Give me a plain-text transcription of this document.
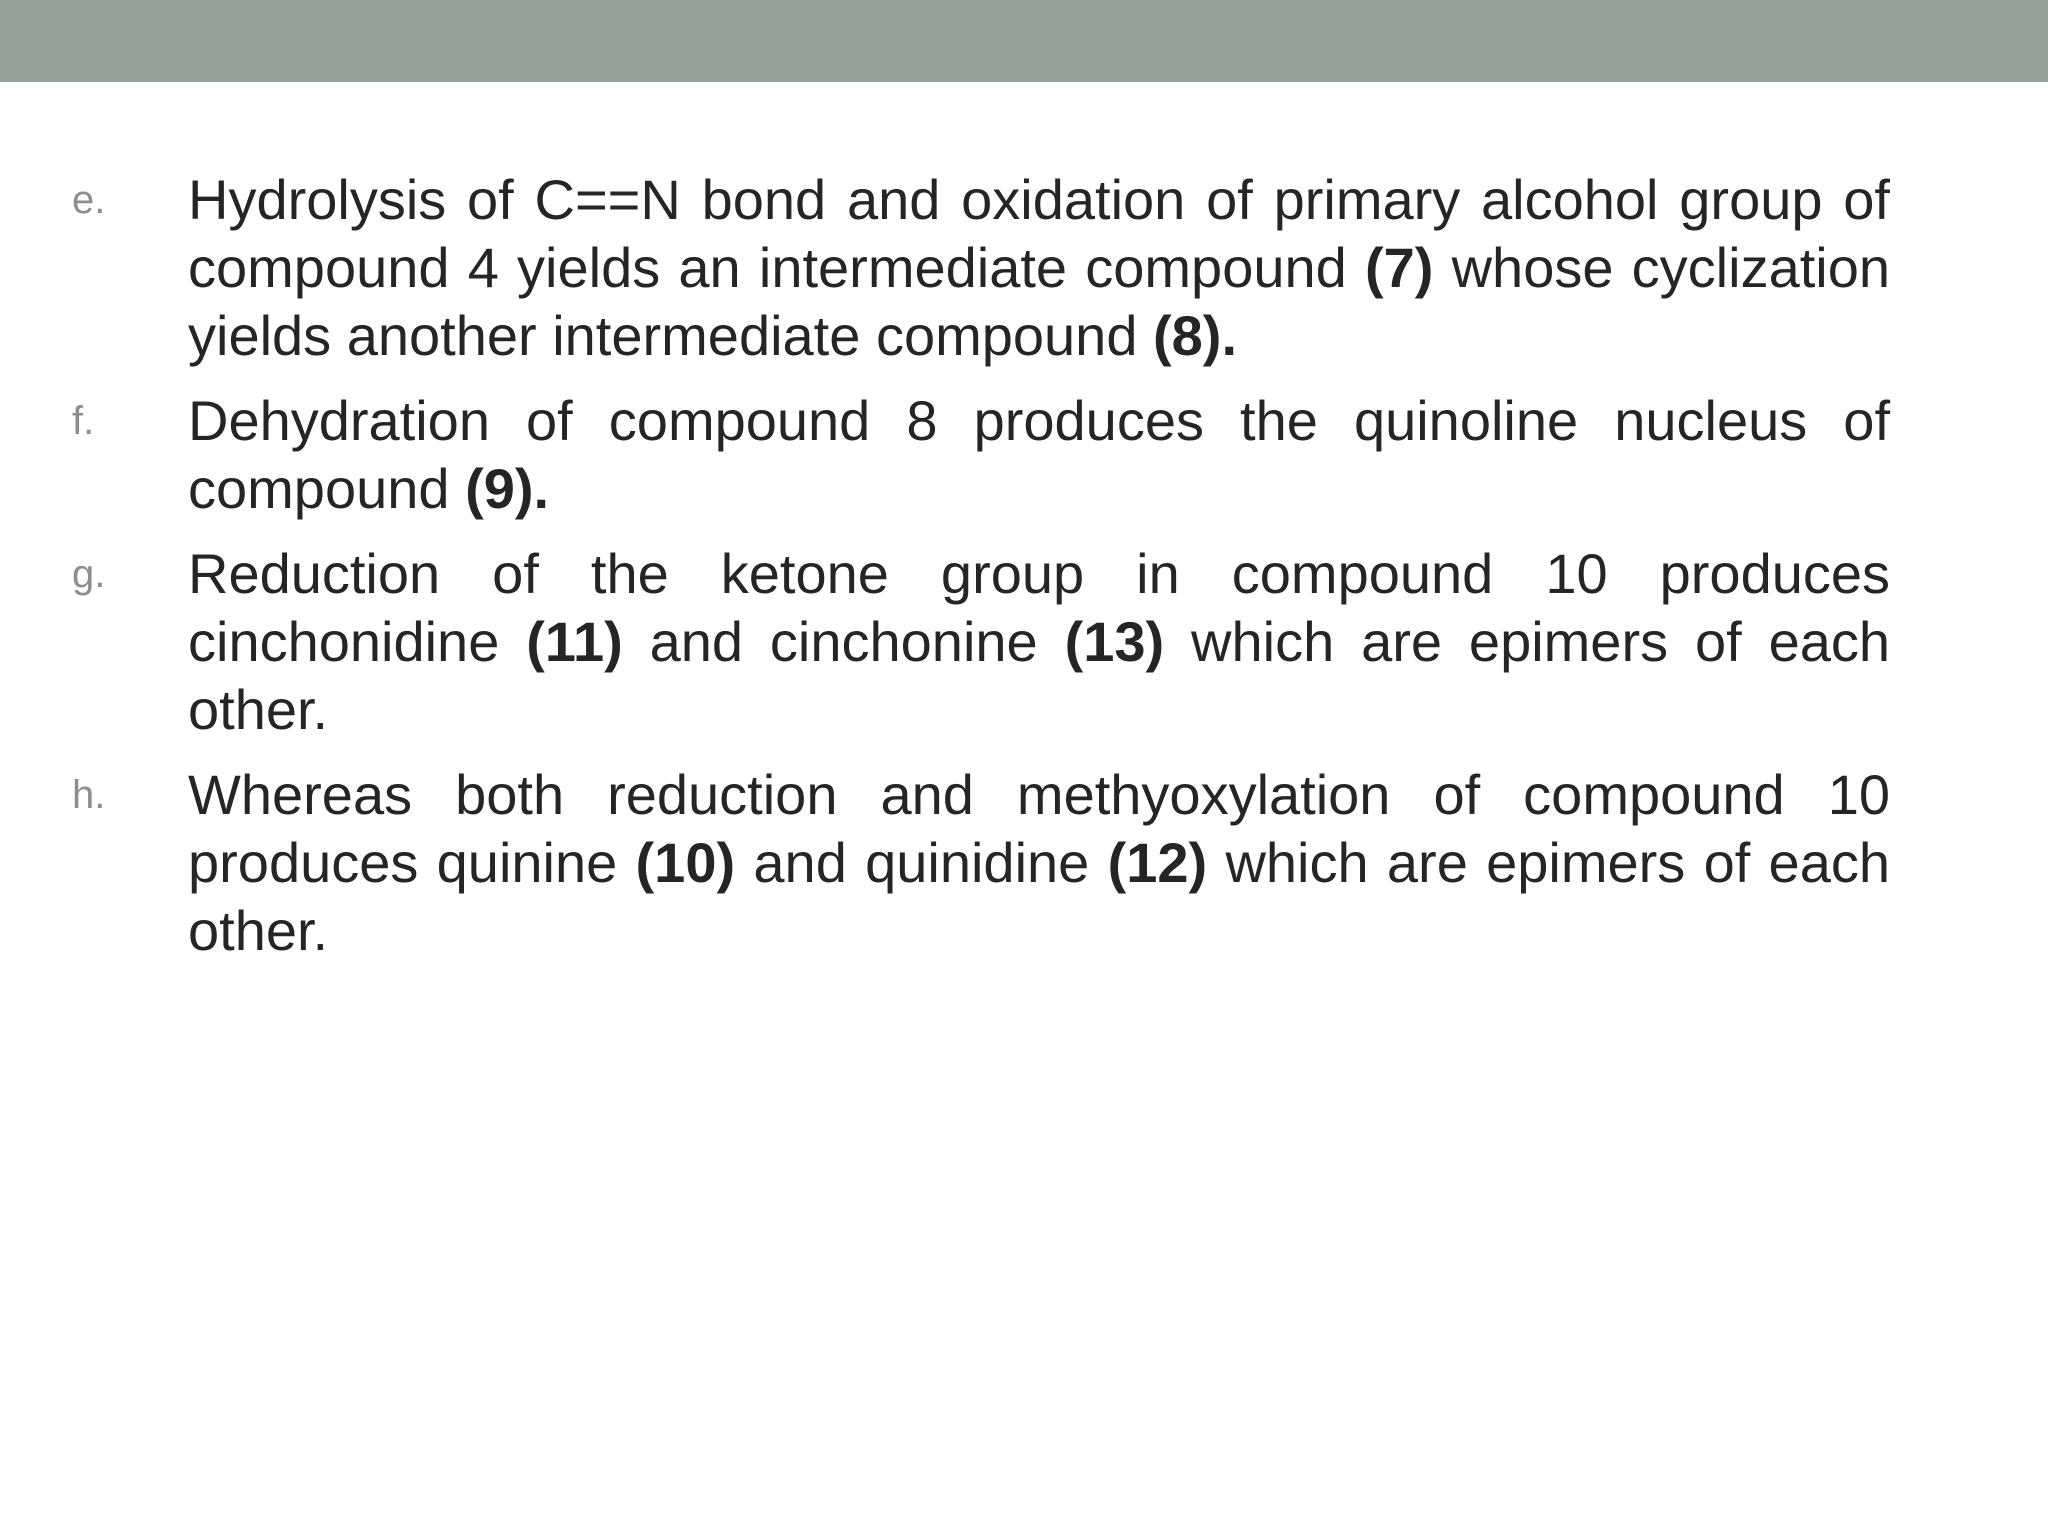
e. Hydrolysis of C==N bond and oxidation of primary alcohol group of compound 4 yields an intermediate compound (7) whose cyclization yields another intermediate compound (8).
f. Dehydration of compound 8 produces the quinoline nucleus of compound (9).
g. Reduction of the ketone group in compound 10 produces cinchonidine (11) and cinchonine (13) which are epimers of each other.
h. Whereas both reduction and methyoxylation of compound 10 produces quinine (10) and quinidine (12) which are epimers of each other.
